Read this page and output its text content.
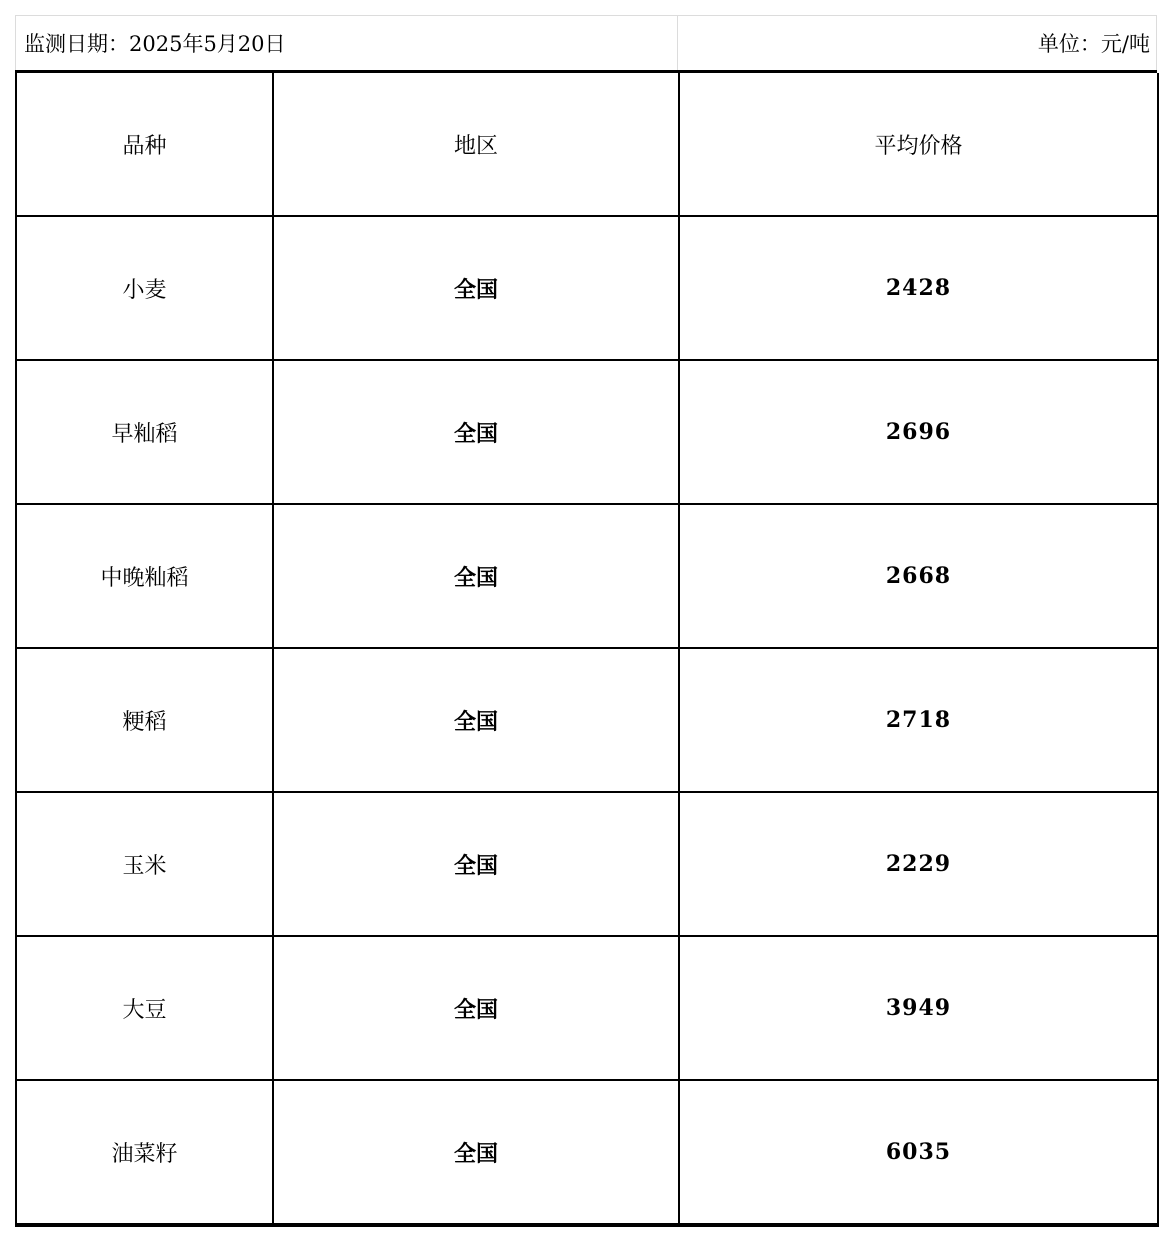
监测日期：2025年5月20日	单位：元/吨
品种	地区	平均价格
小麦	全国	2428
早籼稻	全国	2696
中晚籼稻	全国	2668
粳稻	全国	2718
玉米	全国	2229
大豆	全国	3949
油菜籽	全国	6035
